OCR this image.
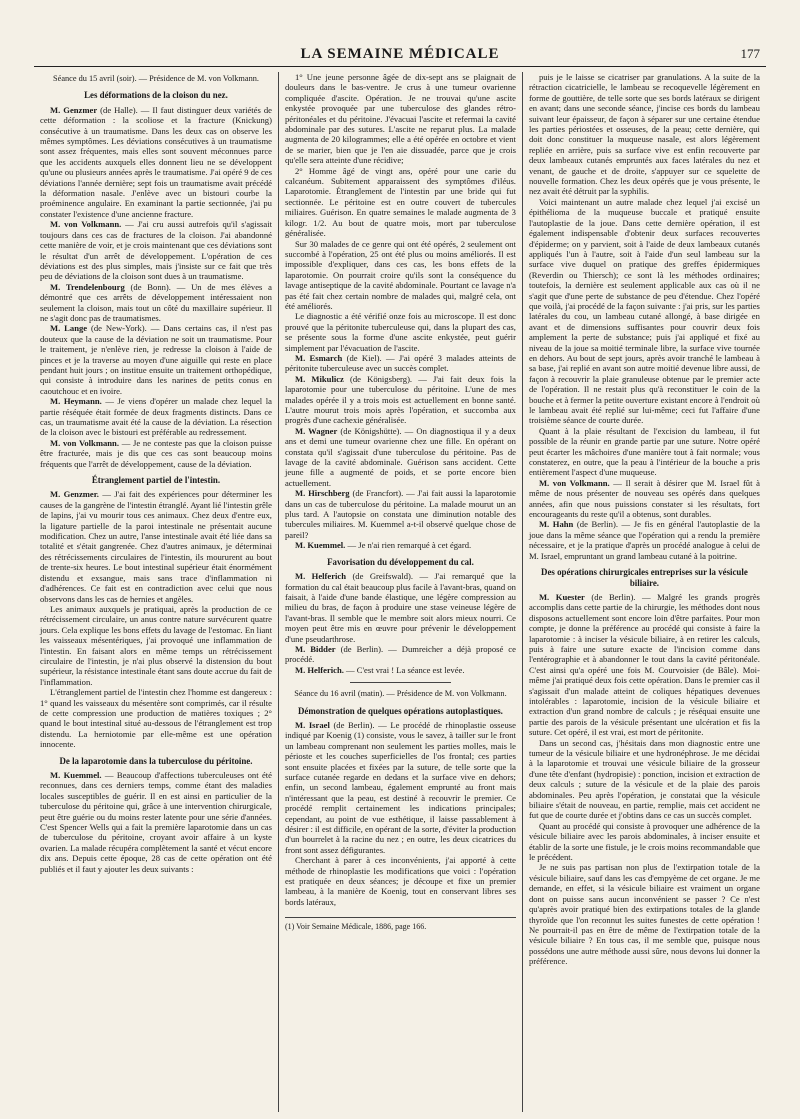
LA SEMAINE MÉDICALE	177
Séance du 15 avril (soir). — Présidence de M. von Volkmann.
Les déformations de la cloison du nez.

M. Genzmer (de Halle). — Il faut distinguer deux variétés de cette déformation : la scoliose et la fracture (Knickung) consécutive à un traumatisme. Dans les deux cas on observe les mêmes symptômes. Les déviations consécutives à un traumatisme sont assez fréquentes, mais elles sont souvent méconnues parce que les accidents auxquels elles donnent lieu ne se développent qu'une ou plusieurs années après le traumatisme. J'ai opéré 9 de ces déviations l'année dernière; sept fois un traumatisme avait précédé la déformation nasale. J'enlève avec un bistouri courbe la proéminence angulaire. En examinant la partie sectionnée, j'ai pu constater l'existence d'une ancienne fracture.

M. von Volkmann. — J'ai cru aussi autrefois qu'il s'agissait toujours dans ces cas de fractures de la cloison. J'ai abandonné cette manière de voir, et je crois maintenant que ces déviations sont le résultat d'un arrêt de développement. L'opération de ces déviations est des plus simples, mais j'insiste sur ce fait que très peu de déviations de la cloison sont dues à un traumatisme.

M. Trendelenbourg (de Bonn). — Un de mes élèves a démontré que ces arrêts de développement intéressaient non seulement la cloison, mais tout un côté du maxillaire supérieur. Il ne s'agit donc pas de traumatismes.

M. Lange (de New-York). — Dans certains cas, il n'est pas douteux que la cause de la déviation ne soit un traumatisme. Pour le traitement, je n'enlève rien, je redresse la cloison à l'aide de pinces et je la traverse au moyen d'une aiguille qui reste en place pendant huit jours ; on institue ensuite un traitement orthopédique, qui consiste à introduire dans les narines de petits conus en caoutchouc et en ivoire.

M. Heymann. — Je viens d'opérer un malade chez lequel la partie réséquée était formée de deux fragments distincts. Dans ce cas, un traumatisme avait été la cause de la déviation. La résection de la cloison avec le bistouri est préférable au redressement.

M. von Volkmann. — Je ne conteste pas que la cloison puisse être fracturée, mais je dis que ces cas sont beaucoup moins fréquents que l'arrêt de développement, cause de la déviation.

Étranglement partiel de l'intestin.

M. Genzmer. — J'ai fait des expériences pour déterminer les causes de la gangrène de l'intestin étranglé. Ayant lié l'intestin grêle de lapins, j'ai vu mourir tous ces animaux. Chez deux d'entre eux, la ligature partielle de la paroi intestinale ne présentait aucune modification. Chez un autre, l'anse intestinale avait été liée dans sa totalité et s'était gangrenée. Chez d'autres animaux, je déterminai des rétrécissements circulaires de l'intestin, ils moururent au bout de trente-six heures. Le bout intestinal supérieur était énormément distendu et exsangue, mais sans trace d'inflammation ni d'adhérences. Ce fait est en contradiction avec celui que nous observons dans les cas de hernies et angèles.

Les animaux auxquels je pratiquai, après la production de ce rétrécissement circulaire, un anus contre nature survécurent quatre jours. Cela explique les bons effets du lavage de l'estomac. En liant les vaisseaux mésentériques, j'ai provoqué une inflammation de l'intestin. En faisant alors en même temps un rétrécissement circulaire de l'intestin, je n'ai plus observé la distension du bout supérieur, la résistance intestinale étant sans doute accrue du fait de l'inflammation.

L'étranglement partiel de l'intestin chez l'homme est dangereux : 1° quand les vaisseaux du mésentère sont comprimés, car il résulte de cette compression une production de matières toxiques ; 2° quand le bout intestinal situé au-dessous de l'étranglement est trop distendu. La herniotomie par elle-même est une opération innocente.

De la laparotomie dans la tuberculose du péritoine.

M. Kuemmel. — Beaucoup d'affections tuberculeuses ont été reconnues, dans ces derniers temps, comme étant des maladies locales susceptibles de guérir. Il en est ainsi en particulier de la tuberculose du péritoine qui, grâce à une intervention chirurgicale, peut être guérie ou du moins rester latente pour une série d'années. C'est Spencer Wells qui a fait la première laparotomie dans un cas de tuberculose du péritoine, croyant avoir affaire à un kyste ovarien. La malade récupéra complètement la santé et vécut encore dix ans. Depuis cette époque, 28 cas de cette opération ont été publiés et il faut y ajouter les deux suivants :

1° Une jeune personne âgée de dix-sept ans se plaignait de douleurs dans le bas-ventre. Je crus à une tumeur ovarienne compliquée d'ascite. Opération. Je ne trouvai qu'une ascite enkystée provoquée par une tuberculose des glandes rétro-péritonéales et du péritoine. J'évacuai l'ascite et refermai la cavité abdominale par des sutures. L'ascite ne reparut plus. La malade augmenta de 20 kilogrammes; elle a été opérée en octobre et vient de se marier, bien que je l'en aie dissuadée, parce que je crois qu'elle sera atteinte d'une récidive;

2° Homme âgé de vingt ans, opéré pour une carie du calcanéum. Subitement apparaissent des symptômes d'iléus. Laparotomie. Étranglement de l'intestin par une bride qui fut sectionnée. Le péritoine est en outre couvert de tubercules miliaires. Guérison. En quatre semaines le malade augmenta de 3 kilogr. 1/2. Au bout de quatre mois, mort par tuberculose généralisée.

Sur 30 malades de ce genre qui ont été opérés, 2 seulement ont succombé à l'opération, 25 ont été plus ou moins améliorés. Il est impossible d'expliquer, dans ces cas, les bons effets de la laparotomie. On pourrait croire qu'ils sont la conséquence du lavage antiseptique de la cavité abdominale. Pourtant ce lavage n'a pas été fait chez certain nombre de malades qui, malgré cela, ont été améliorés.

Le diagnostic a été vérifié onze fois au microscope. Il est donc prouvé que la péritonite tuberculeuse qui, dans la plupart des cas, se présente sous la forme d'une ascite enkystée, peut guérir simplement par l'évacuation de l'ascite.

M. Esmarch (de Kiel). — J'ai opéré 3 malades atteints de péritonite tuberculeuse avec un succès complet.

M. Mikulicz (de Königsberg). — J'ai fait deux fois la laparotomie pour une tuberculose du péritoine. L'une de mes malades opérée il y a trois mois est actuellement en bonne santé. L'autre mourut trois mois après l'opération, et succomba aux progrès d'une cachexie généralisée.

M. Wagner (de Königshütte). — On diagnostiqua il y a deux ans et demi une tumeur ovarienne chez une fille. En opérant on constata qu'il s'agissait d'une tuberculose du péritoine. Pas de lavage de la cavité abdominale. Guérison sans accident. Cette jeune fille a augmenté de poids, et se porte encore bien actuellement.

M. Hirschberg (de Francfort). — J'ai fait aussi la laparotomie dans un cas de tuberculose du péritoine. La malade mourut un an plus tard. A l'autopsie on constata une diminution notable des tubercules miliaires. M. Kuemmel a-t-il observé quelque chose de pareil?

M. Kuemmel. — Je n'ai rien remarqué à cet égard.

Favorisation du développement du cal.

M. Helferich (de Greifswald). — J'ai remarqué que la formation du cal était beaucoup plus facile à l'avant-bras, quand on faisait, à l'aide d'une bande élastique, une légère compression au milieu du bras, de façon à produire une stase veineuse légère de l'avant-bras. Il semble que le membre soit alors mieux nourri. Ce moyen peut être mis en œuvre pour prévenir le développement d'une pseudarthrose.

M. Bidder (de Berlin). — Dumreicher a déjà proposé ce procédé.

M. Helferich. — C'est vrai ! La séance est levée.

Séance du 16 avril (matin). — Présidence de M. von Volkmann.
Démonstration de quelques opérations autoplastiques.

M. Israel (de Berlin). — Le procédé de rhinoplastie osseuse indiqué par Koenig (1) consiste, vous le savez, à tailler sur le front un lambeau comprenant non seulement les parties molles, mais le périoste et les couches superficielles de l'os frontal; ces parties sont ensuite placées et fixées par la suture, de telle sorte que la surface cutanée regarde en dedans et la surface vive en dehors; enfin, un second lambeau, également emprunté au front mais n'intéressant que la peau, est destiné à recouvrir le premier. Ce procédé remplit certainement les indications principales; cependant, au point de vue esthétique, il laisse passablement à désirer : il est difficile, en opérant de la sorte, d'éviter la production d'un bourrelet à la racine du nez ; en outre, les deux cicatrices du front sont assez défigurantes.

Cherchant à parer à ces inconvénients, j'ai apporté à cette méthode de rhinoplastie les modifications que voici : l'opération est pratiquée en deux séances; je découpe et fixe un premier lambeau, à la manière de Koenig, tout en conservant libres ses bords latéraux,

(1) Voir Semaine Médicale, 1886, page 166.

puis je le laisse se cicatriser par granulations. A la suite de la rétraction cicatricielle, le lambeau se recoquevelle légèrement en forme de gouttière, de telle sorte que ses bords latéraux se dirigent en avant; dans une seconde séance, j'incise ces bords du lambeau suivant leur épaisseur, de façon à séparer sur une certaine étendue les parties périostées et osseuses, de la peau; cette dernière, qui doit donc constituer la muqueuse nasale, est alors légèrement repliée en arrière, puis sa surface vive est enfin recouverte par deux lambeaux cutanés empruntés aux faces latérales du nez et venant, de gauche et de droite, s'appuyer sur ce squelette de nouvelle formation. Chez les deux opérés que je vous présente, le nez avait été détruit par la syphilis.

Voici maintenant un autre malade chez lequel j'ai excisé un épithélioma de la muqueuse buccale et pratiqué ensuite l'autoplastie de la joue. Dans cette dernière opération, il est également indispensable d'obtenir deux surfaces recouvertes d'épiderme; on y parvient, soit à l'aide de deux lambeaux cutanés appliqués l'un à l'autre, soit à l'aide d'un seul lambeau sur la surface vive duquel on pratique des greffes épidermiques (Reverdin ou Thiersch); ce sont là les méthodes ordinaires; toutefois, la dernière est seulement applicable aux cas où il ne s'agit que d'une perte de substance de peu d'étendue. Chez l'opéré que voilà, j'ai procédé de la façon suivante : j'ai pris, sur les parties latérales du cou, un lambeau cutané allongé, à base dirigée en avant et de dimensions suffisantes pour couvrir deux fois amplement la perte de substance; puis j'ai appliqué et fixé au niveau de la joue sa moitié terminale libre, la surface vive tournée en dehors. Au bout de sept jours, après avoir tranché le lambeau à sa base, j'ai replié en avant son autre moitié devenue libre aussi, de façon à recouvrir la plaie granuleuse obtenue par le premier acte de l'opération. Il ne restait plus qu'à reconstituer le coin de la bouche et à fermer la petite ouverture existant encore à l'endroit où le lambeau avait été replié sur lui-même; ceci fut l'affaire d'une troisième séance de courte durée.

Quant à la plaie résultant de l'excision du lambeau, il fut possible de la réunir en grande partie par une suture. Notre opéré peut écarter les mâchoires d'une manière tout à fait normale; vous constaterez, en outre, que la peau à l'intérieur de la bouche a pris entièrement l'aspect d'une muqueuse.

M. von Volkmann. — Il serait à désirer que M. Israel fût à même de nous présenter de nouveau ses opérés dans quelques années, afin que nous puissions constater si les résultats, fort encourageants du reste qu'il a obtenus, sont durables.

M. Hahn (de Berlin). — Je fis en général l'autoplastie de la joue dans la même séance que l'opération qui a rendu la première nécessaire, et je la pratique d'après un procédé analogue à celui de M. Israel, empruntant un grand lambeau cutané à la poitrine.

Des opérations chirurgicales entreprises sur la vésicule biliaire.

M. Kuester (de Berlin). — Malgré les grands progrès accomplis dans cette partie de la chirurgie, les méthodes dont nous disposons actuellement sont encore loin d'être parfaites. Pour mon compte, je donne la préférence au procédé qui consiste à faire la laparotomie : à inciser la vésicule biliaire, à en retirer les calculs, puis à faire une suture exacte de l'incision comme dans l'entérographie et à abandonner le tout dans la cavité péritonéale. C'est ainsi qu'a opéré une fois M. Courvoisier (de Bâle). Moi-même j'ai pratiqué deux fois cette opération. Dans le premier cas il s'agissait d'un malade atteint de coliques hépatiques devenues intolérables : laparotomie, incision de la vésicule biliaire et extraction d'un grand nombre de calculs ; je réséquai ensuite une partie des parois de la vésicule présentant une ulcération et fis la suture. Cet opéré, il est vrai, est mort de péritonite.

Dans un second cas, j'hésitais dans mon diagnostic entre une tumeur de la vésicule biliaire et une hydronéphrose. Je me décidai à la laparotomie et trouvai une vésicule biliaire de la grosseur d'une tête d'enfant (hydropisie) : ponction, incision et extraction de deux calculs ; suture de la vésicule et de la plaie des parois abdominales. Peu après l'opération, je constatai que la vésicule biliaire s'était de nouveau, en partie, remplie, mais cet accident ne fut que de courte durée et j'obtins dans ce cas un succès complet.

Quant au procédé qui consiste à provoquer une adhérence de la vésicule biliaire avec les parois abdominales, à inciser ensuite et établir de la sorte une fistule, je le crois moins recommandable que le précédent.

Je ne suis pas partisan non plus de l'extirpation totale de la vésicule biliaire, sauf dans les cas d'empyème de cet organe. Je me demande, en effet, si la vésicule biliaire est vraiment un organe dont on puisse sans aucun inconvénient se passer ? Ce n'est qu'après avoir pratiqué bien des extirpations totales de la glande thyroïde que l'on reconnut les suites funestes de cette opération ! Ne pourrait-il pas en être de même de l'extirpation totale de la vésicule biliaire ? En tous cas, il me semble que, puisque nous possédons une autre méthode aussi sûre, nous devons lui donner la préférence.
